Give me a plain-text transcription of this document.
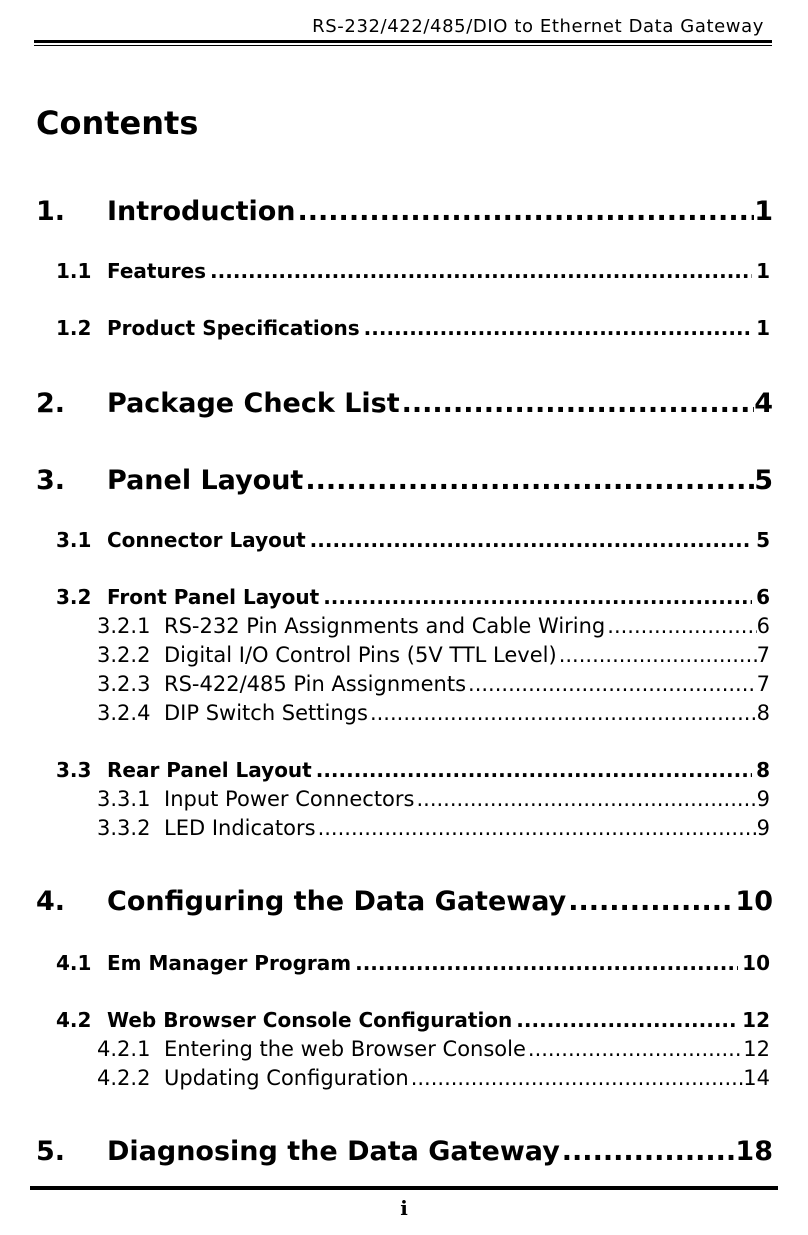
RS-232/422/485/DIO to Ethernet Data Gateway
Contents
1.	Introduction .....	1
1.1 Features .....	1
1.2 Product Specifications .....	1
2.	Package Check List .....	4
3.	Panel Layout .....	5
3.1 Connector Layout .....	5
3.2 Front Panel Layout .....	6
3.2.1 RS-232 Pin Assignments and Cable Wiring .....	6
3.2.2 Digital I/O Control Pins (5V TTL Level) .....	7
3.2.3 RS-422/485 Pin Assignments .....	7
3.2.4 DIP Switch Settings .....	8
3.3 Rear Panel Layout .....	8
3.3.1 Input Power Connectors .....	9
3.3.2 LED Indicators .....	9
4.	Configuring the Data Gateway .....	10
4.1 Em Manager Program .....	10
4.2 Web Browser Console Configuration .....	12
4.2.1 Entering the web Browser Console .....	12
4.2.2 Updating Configuration .....	14
5.	Diagnosing the Data Gateway .....	18
i
